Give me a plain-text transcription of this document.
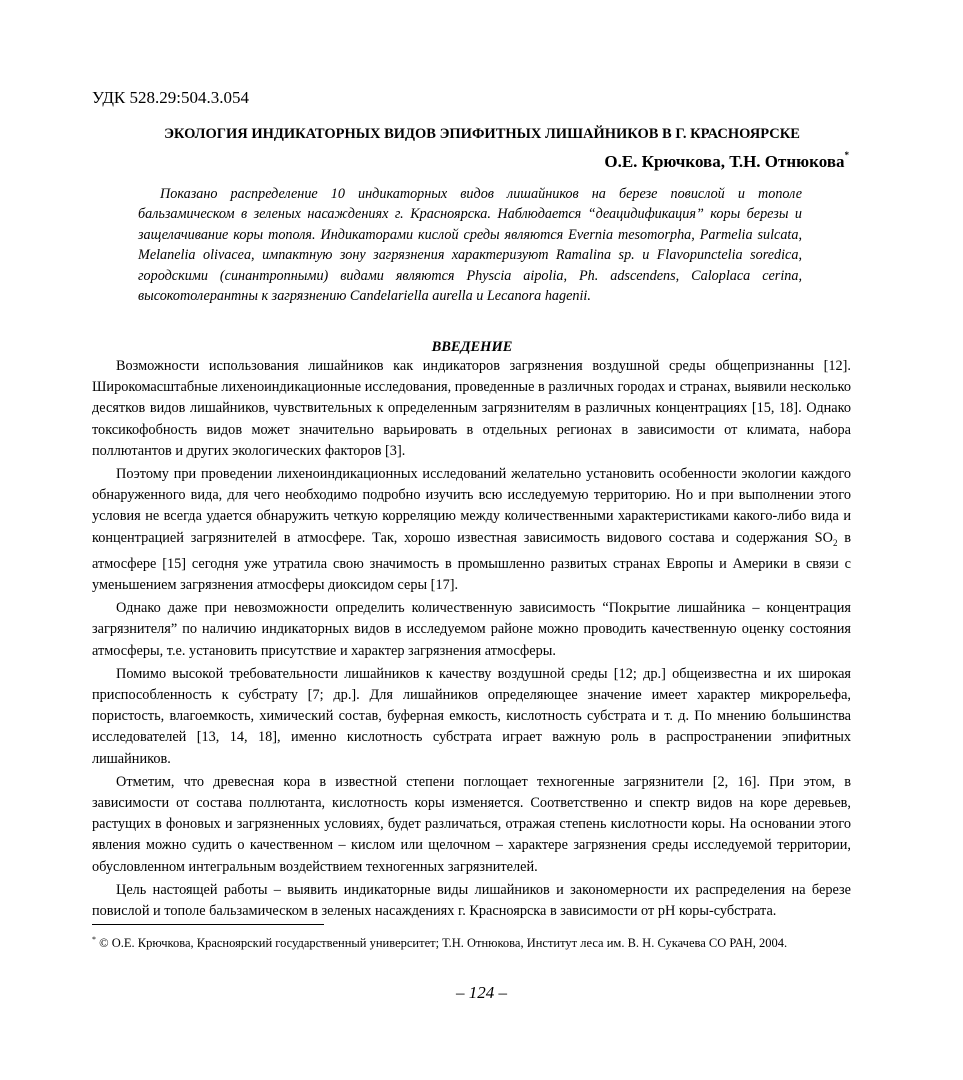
УДК 528.29:504.3.054
ЭКОЛОГИЯ ИНДИКАТОРНЫХ ВИДОВ ЭПИФИТНЫХ ЛИШАЙНИКОВ В Г. КРАСНОЯРСКЕ
О.Е. Крючкова, Т.Н. Отнюкова*

Показано распределение 10 индикаторных видов лишайников на березе повислой и тополе бальзамическом в зеленых насаждениях г. Красноярска. Наблюдается “деацидификация” коры березы и защелачивание коры тополя. Индикаторами кислой среды являются Evernia mesomorpha, Parmelia sulcata, Melanelia olivacea, импактную зону загрязнения характеризуют Ramalina sp. и Flavopunctelia soredica, городскими (синантропными) видами являются Physcia aipolia, Ph. adscendens, Caloplaca cerina, высокотолерантны к загрязнению Candelariella aurella и Lecanora hagenii.

ВВЕДЕНИЕ

Возможности использования лишайников как индикаторов загрязнения воздушной среды общепризнанны [12]. Широкомасштабные лихеноиндикационные исследования, проведенные в различных городах и странах, выявили несколько десятков видов лишайников, чувствительных к определенным загрязнителям в различных концентрациях [15, 18]. Однако токсикофобность видов может значительно варьировать в отдельных регионах в зависимости от климата, набора поллютантов и других экологических факторов [3].

Поэтому при проведении лихеноиндикационных исследований желательно установить особенности экологии каждого обнаруженного вида, для чего необходимо подробно изучить всю исследуемую территорию. Но и при выполнении этого условия не всегда удается обнаружить четкую корреляцию между количественными характеристиками какого-либо вида и концентрацией загрязнителей в атмосфере. Так, хорошо известная зависимость видового состава и содержания $SO_2$ в атмосфере [15] сегодня уже утратила свою значимость в промышленно развитых странах Европы и Америки в связи с уменьшением загрязнения атмосферы диоксидом серы [17].

Однако даже при невозможности определить количественную зависимость “Покрытие лишайника – концентрация загрязнителя” по наличию индикаторных видов в исследуемом районе можно проводить качественную оценку состояния атмосферы, т.е. установить присутствие и характер загрязнения атмосферы.

Помимо высокой требовательности лишайников к качеству воздушной среды [12; др.] общеизвестна и их широкая приспособленность к субстрату [7; др.]. Для лишайников определяющее значение имеет характер микрорельефа, пористость, влагоемкость, химический состав, буферная емкость, кислотность субстрата и т. д. По мнению большинства исследователей [13, 14, 18], именно кислотность субстрата играет важную роль в распространении эпифитных лишайников.

Отметим, что древесная кора в известной степени поглощает техногенные загрязнители [2, 16]. При этом, в зависимости от состава поллютанта, кислотность коры изменяется. Соответственно и спектр видов на коре деревьев, растущих в фоновых и загрязненных условиях, будет различаться, отражая степень кислотности коры. На основании этого явления можно судить о качественном – кислом или щелочном – характере загрязнения среды исследуемой территории, обусловленном интегральным воздействием техногенных загрязнителей.

Цель настоящей работы – выявить индикаторные виды лишайников и закономерности их распределения на березе повислой и тополе бальзамическом в зеленых насаждениях г. Красноярска в зависимости от pH коры-субстрата.

* © О.Е. Крючкова, Красноярский государственный университет; Т.Н. Отнюкова, Институт леса им. В. Н. Сукачева СО РАН, 2004.

– 124 –
